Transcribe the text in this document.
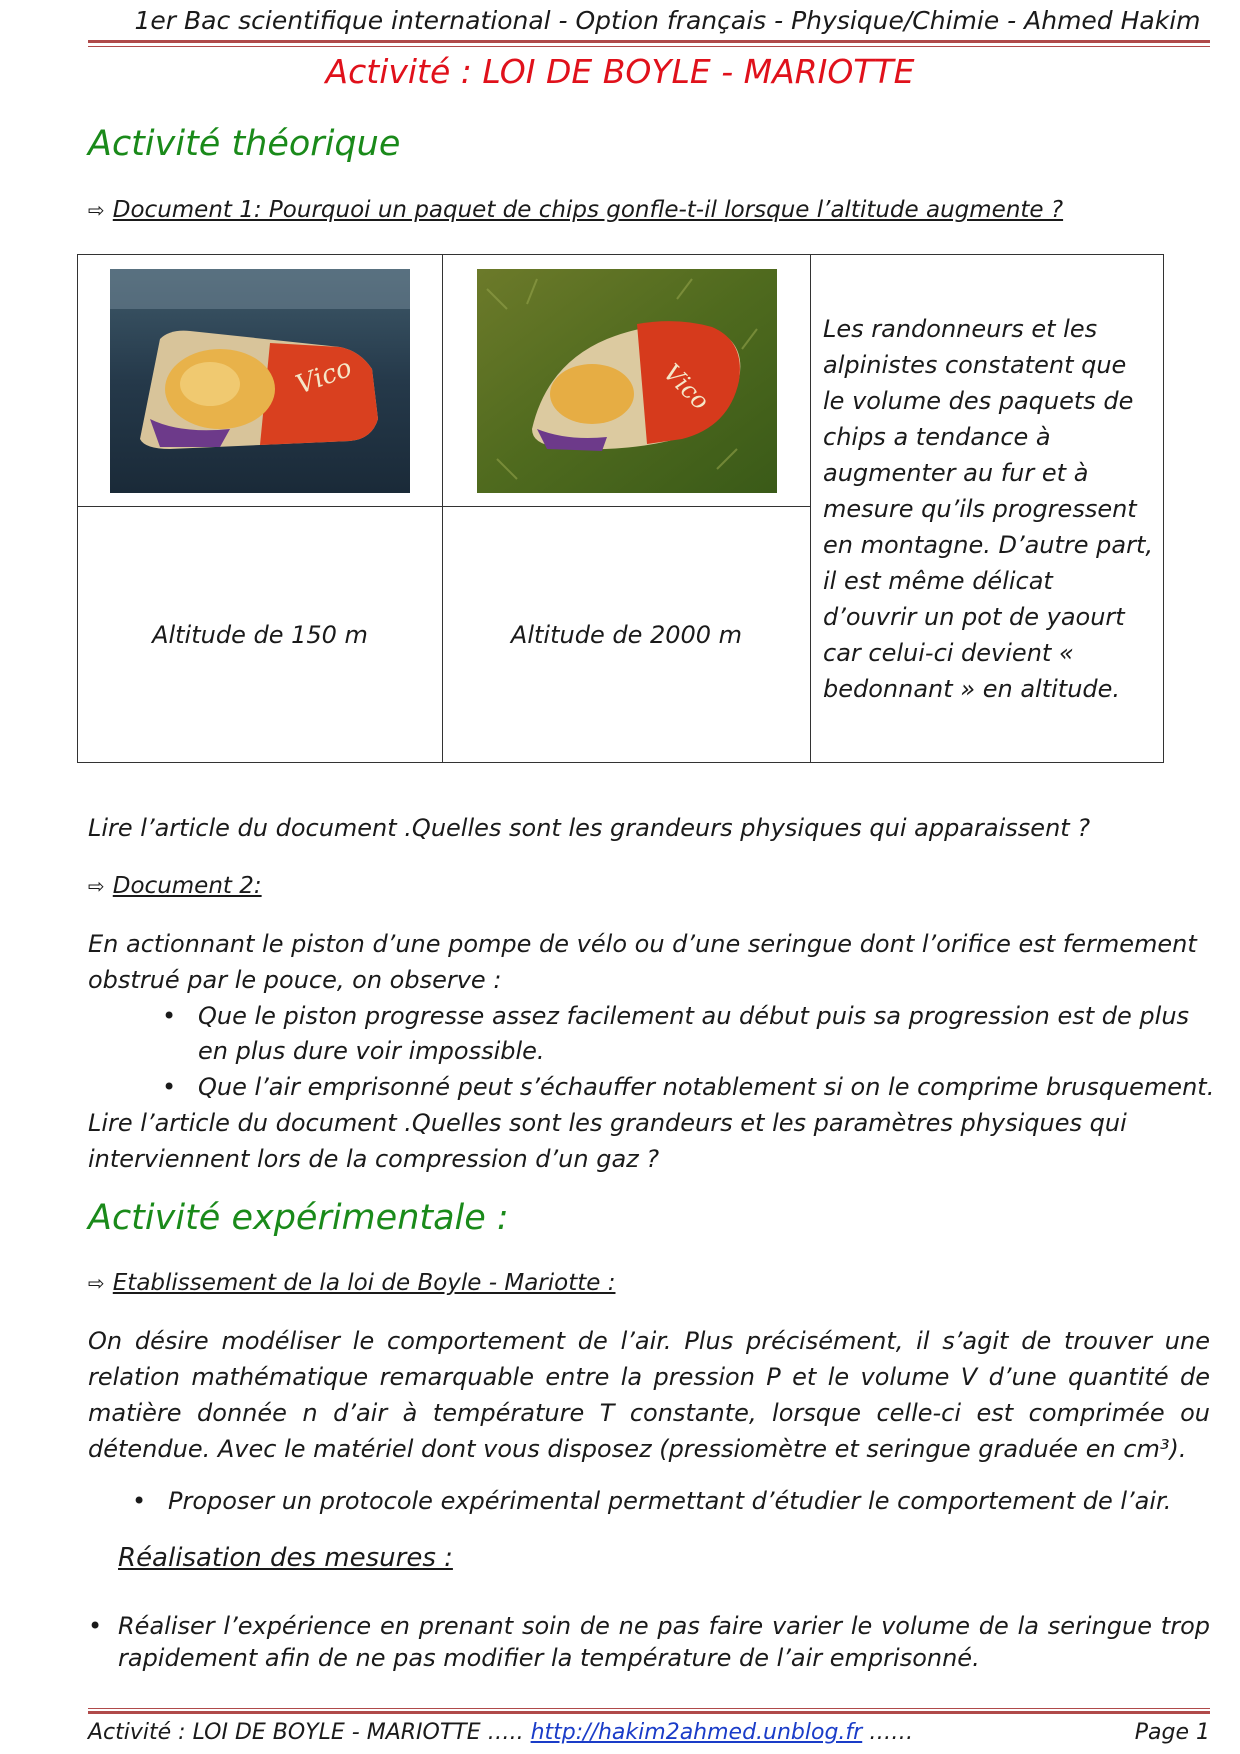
1er Bac scientifique international - Option français - Physique/Chimie - Ahmed Hakim
Activité : LOI DE BOYLE - MARIOTTE
Activité théorique
⇨ Document 1: Pourquoi un paquet de chips gonfle-t-il lorsque l’altitude augmente ?
Vico	Vico	Les randonneurs et les alpinistes constatent que le volume des paquets de chips a tendance à augmenter au fur et à mesure qu’ils progressent en montagne. D’autre part, il est même délicat d’ouvrir un pot de yaourt car celui-ci devient « bedonnant » en altitude.
Altitude de 150 m	Altitude de 2000 m	
Lire l’article du document .Quelles sont les grandeurs physiques qui apparaissent ?
⇨ Document 2:
En actionnant le piston d’une pompe de vélo ou d’une seringue dont l’orifice est fermement obstrué par le pouce, on observe :
• Que le piston progresse assez facilement au début puis sa progression est de plus en plus dure voir impossible.
• Que l’air emprisonné peut s’échauffer notablement si on le comprime brusquement.
Lire l’article du document .Quelles sont les grandeurs et les paramètres physiques qui interviennent lors de la compression d’un gaz ?
Activité expérimentale :
⇨ Etablissement de la loi de Boyle - Mariotte :
On désire modéliser le comportement de l’air. Plus précisément, il s’agit de trouver une relation mathématique remarquable entre la pression P et le volume V d’une quantité de matière donnée n d’air à température T constante, lorsque celle-ci est comprimée ou détendue. Avec le matériel dont vous disposez (pressiomètre et seringue graduée en cm³).
• Proposer un protocole expérimental permettant d’étudier le comportement de l’air.
Réalisation des mesures :
• Réaliser l’expérience en prenant soin de ne pas faire varier le volume de la seringue trop rapidement afin de ne pas modifier la température de l’air emprisonné.
Activité : LOI DE BOYLE - MARIOTTE ….. http://hakim2ahmed.unblog.fr ……	Page 1
